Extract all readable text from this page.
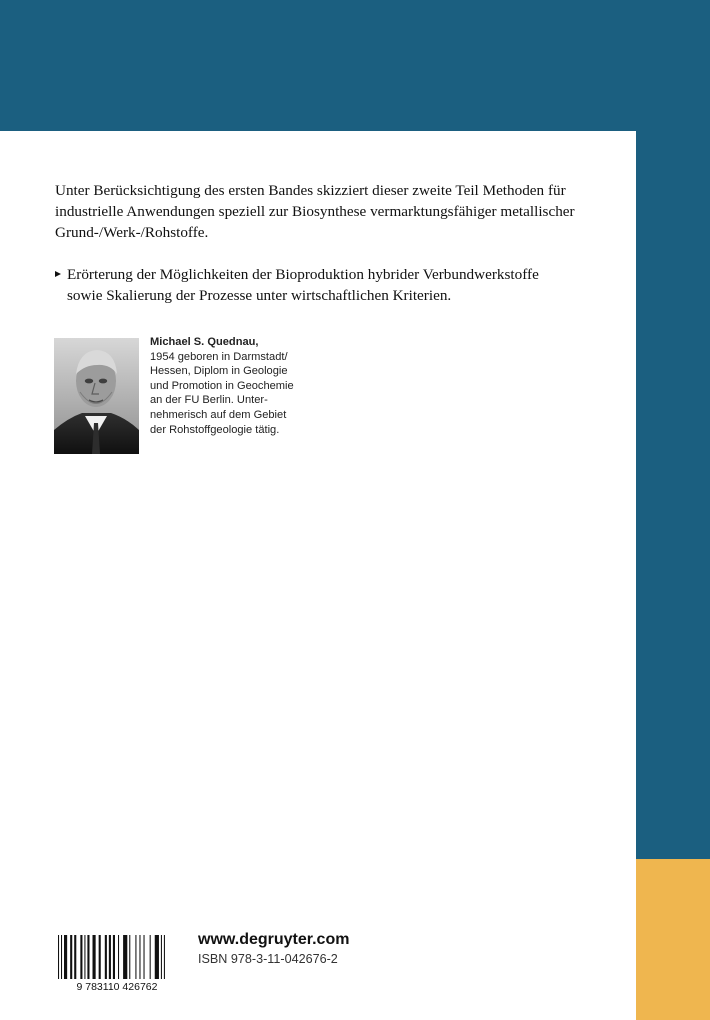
Unter Berücksichtigung des ersten Bandes skizziert dieser zweite Teil Methoden für industrielle Anwendungen speziell zur Biosynthese vermarktungsfähiger metallischer Grund-/Werk-/Rohstoffe.
Erörterung der Möglichkeiten der Bioproduktion hybrider Verbundwerkstoffe
sowie Skalierung der Prozesse unter wirtschaftlichen Kriterien.
Michael S. Quednau,
1954 geboren in Darmstadt/
Hessen, Diplom in Geologie
und Promotion in Geochemie
an der FU Berlin. Unter-
nehmerisch auf dem Gebiet
der Rohstoffgeologie tätig.
9 783110 426762
www.degruyter.com
ISBN 978-3-11-042676-2
